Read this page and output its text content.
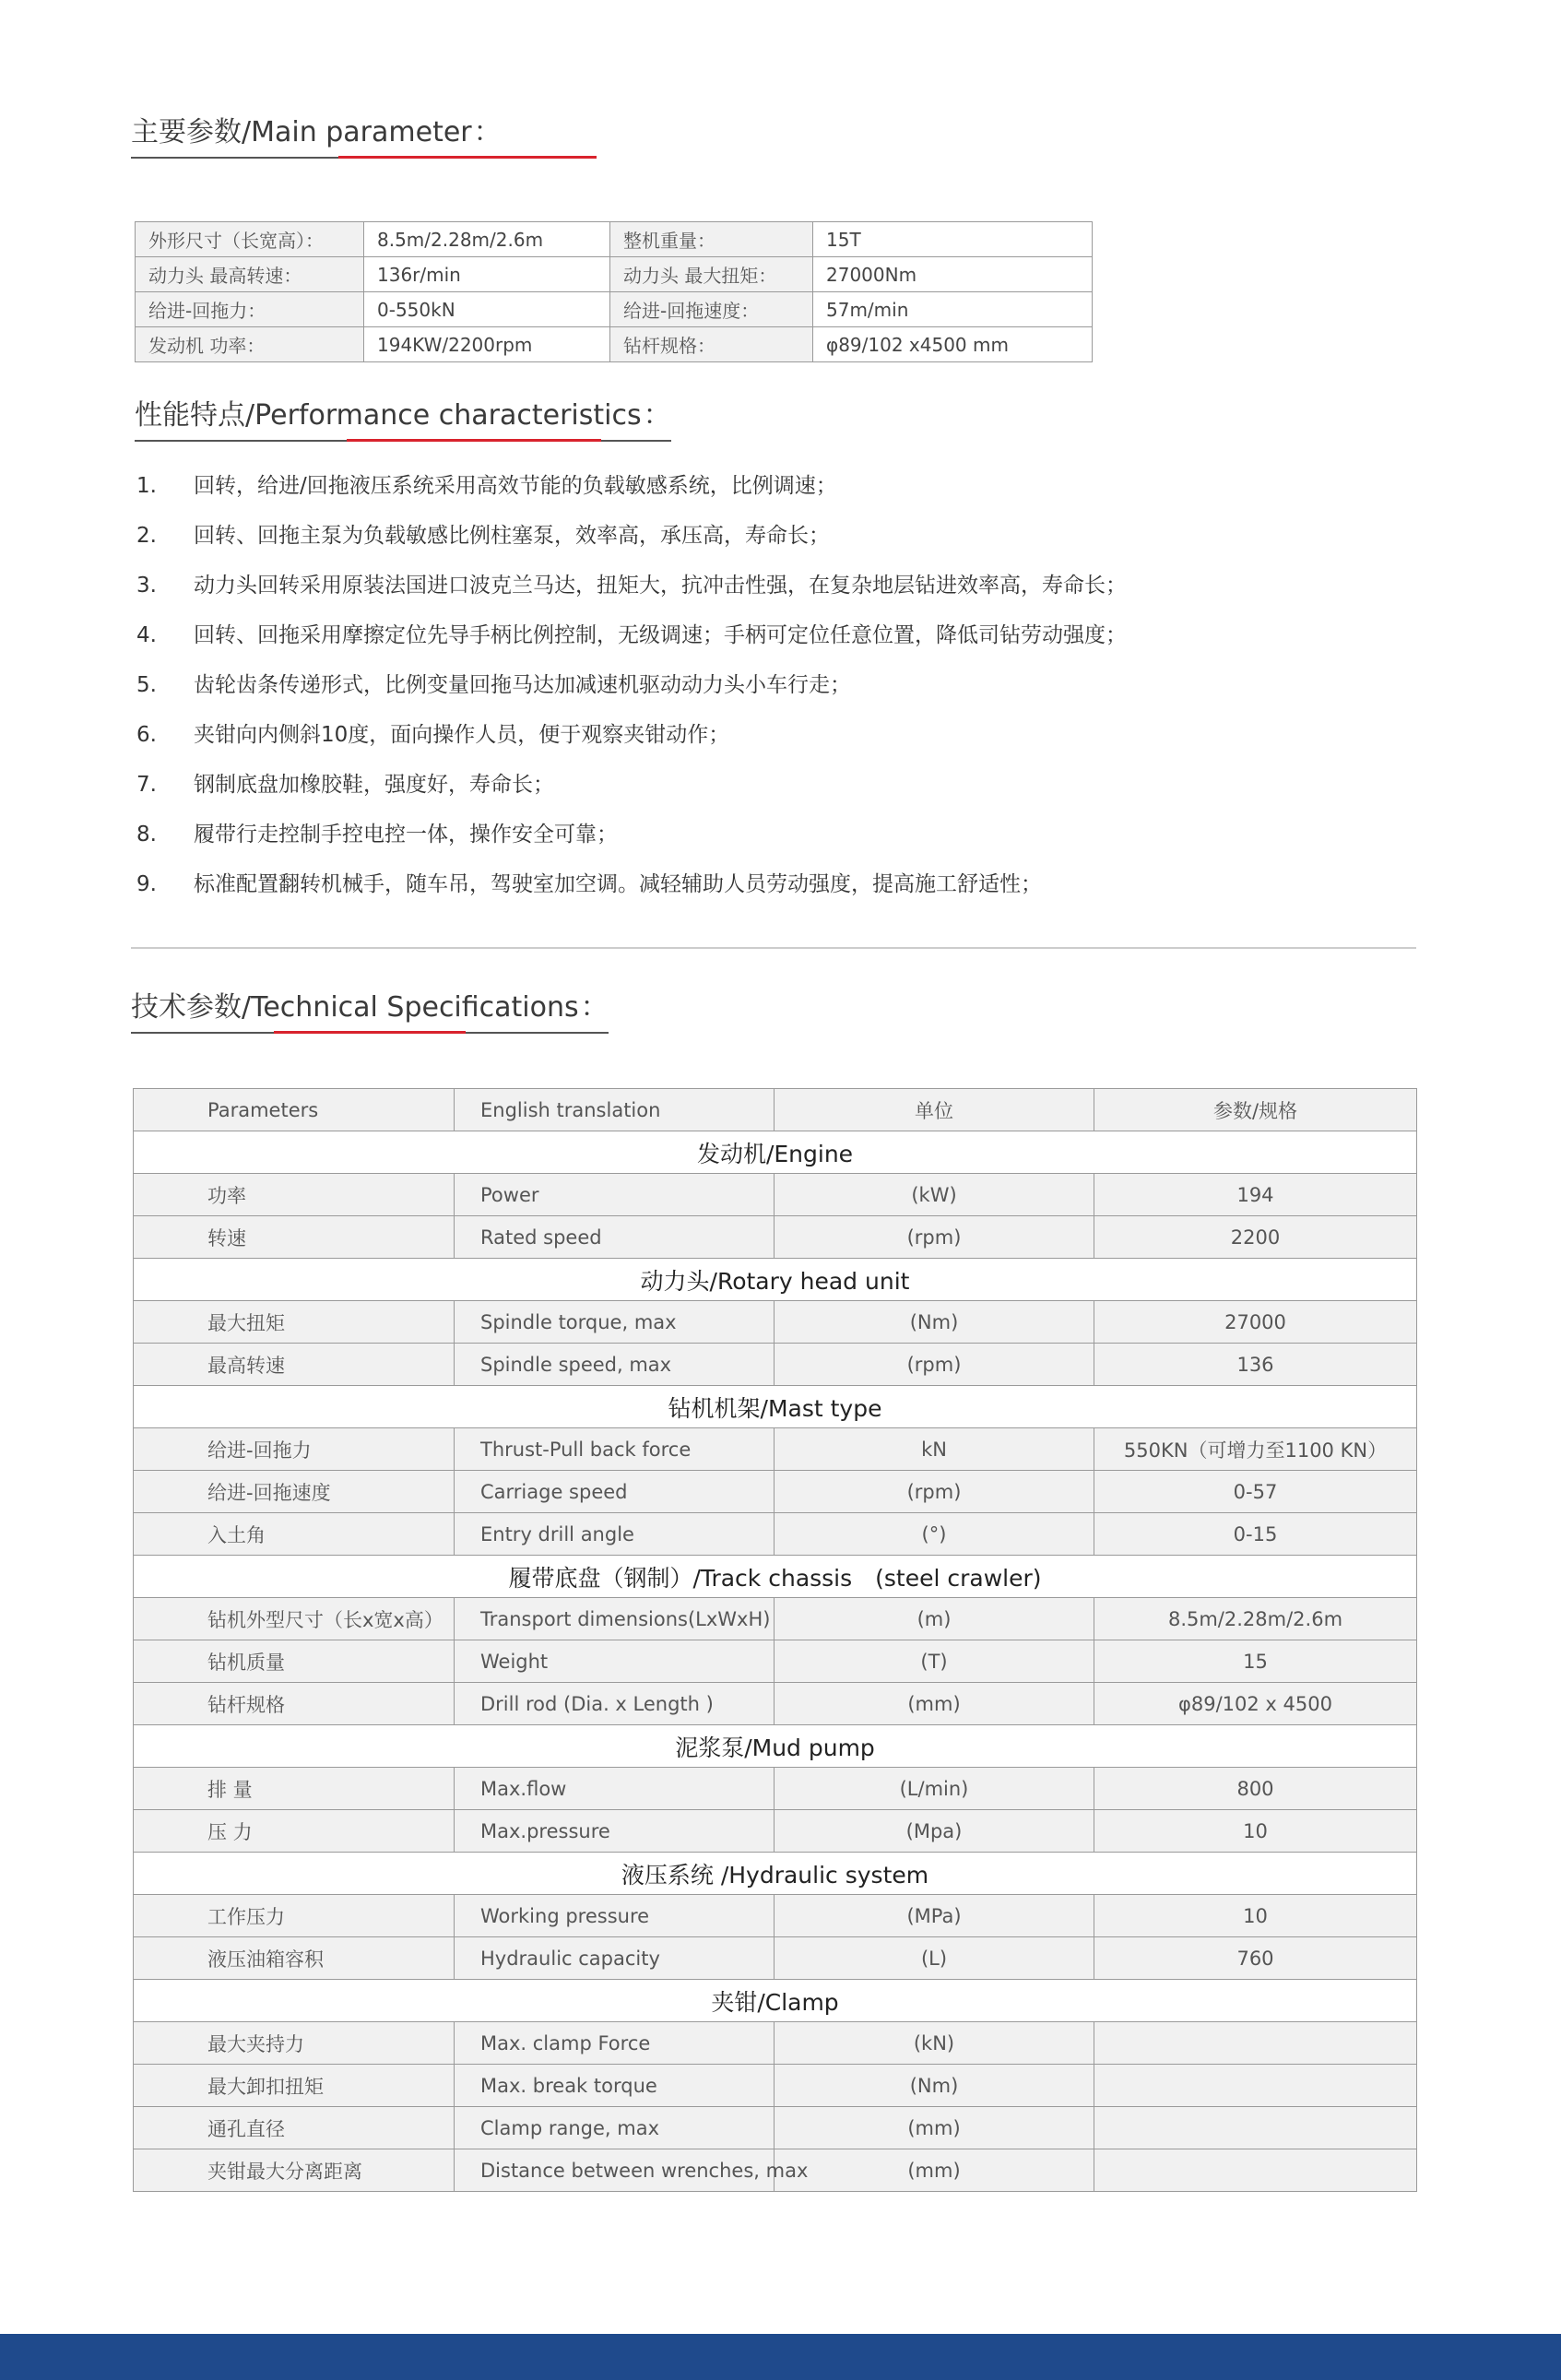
主要参数/Main parameter：
外形尺寸（长宽高）：	8.5m/2.28m/2.6m	整机重量：	15T
动力头 最高转速：	136r/min	动力头 最大扭矩：	27000Nm
给进-回拖力：	0-550kN	给进-回拖速度：	57m/min
发动机 功率：	194KW/2200rpm	钻杆规格：	φ89/102 x4500 mm
性能特点/Performance characteristics：
1. 回转，给进/回拖液压系统采用高效节能的负载敏感系统，比例调速；
2. 回转、回拖主泵为负载敏感比例柱塞泵，效率高，承压高，寿命长；
3. 动力头回转采用原装法国进口波克兰马达，扭矩大，抗冲击性强，在复杂地层钻进效率高，寿命长；
4. 回转、回拖采用摩擦定位先导手柄比例控制，无级调速；手柄可定位任意位置，降低司钻劳动强度；
5. 齿轮齿条传递形式，比例变量回拖马达加减速机驱动动力头小车行走；
6. 夹钳向内侧斜10度，面向操作人员，便于观察夹钳动作；
7. 钢制底盘加橡胶鞋，强度好，寿命长；
8. 履带行走控制手控电控一体，操作安全可靠；
9. 标准配置翻转机械手，随车吊，驾驶室加空调。减轻辅助人员劳动强度，提高施工舒适性；
技术参数/Technical Specifications：
Parameters	English translation	单位	参数/规格
发动机/Engine			
功率	Power	(kW)	194
转速	Rated speed	(rpm)	2200
动力头/Rotary head unit			
最大扭矩	Spindle torque, max	(Nm)	27000
最高转速	Spindle speed, max	(rpm)	136
钻机机架/Mast type			
给进-回拖力	Thrust-Pull back force	kN	550KN（可增力至1100 KN）
给进-回拖速度	Carriage speed	(rpm)	0-57
入土角	Entry drill angle	(°)	0-15
履带底盘（钢制）/Track chassis　(steel crawler)			
钻机外型尺寸（长x宽x高）	Transport dimensions(LxWxH)	(m)	8.5m/2.28m/2.6m
钻机质量	Weight	(T)	15
钻杆规格	Drill rod (Dia. x Length )	(mm)	φ89/102 x 4500
泥浆泵/Mud pump			
排 量	Max.flow	(L/min)	800
压 力	Max.pressure	(Mpa)	10
液压系统 /Hydraulic system			
工作压力	Working pressure	(MPa)	10
液压油箱容积	Hydraulic capacity	(L)	760
夹钳/Clamp			
最大夹持力	Max. clamp Force	(kN)	
最大卸扣扭矩	Max. break torque	(Nm)	
通孔直径	Clamp range, max	(mm)	
夹钳最大分离距离	Distance between wrenches, max	(mm)	
